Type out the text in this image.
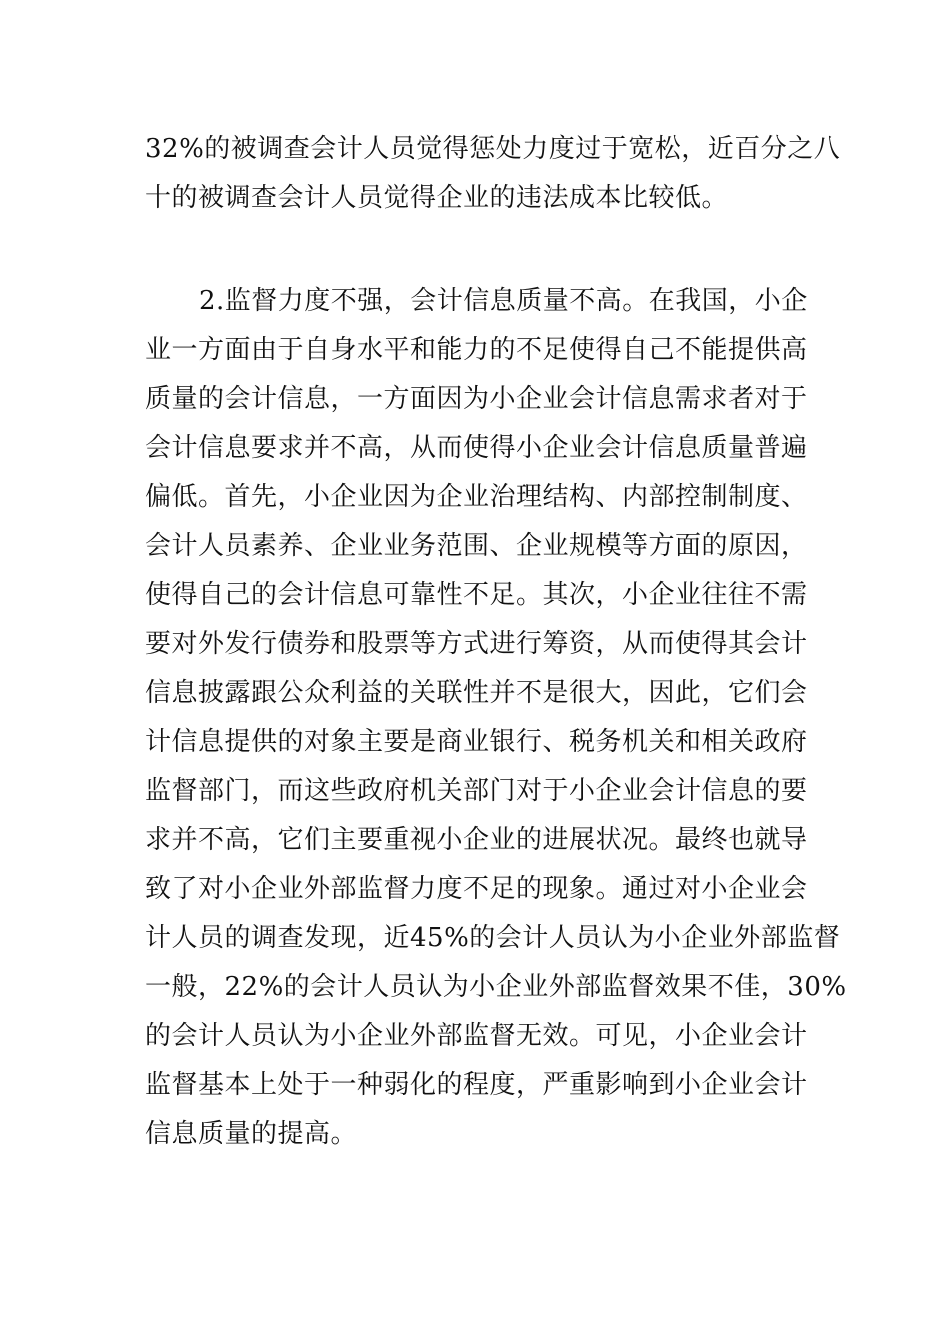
32%的被调查会计人员觉得惩处力度过于宽松，近百分之八
十的被调查会计人员觉得企业的违法成本比较低。
2.监督力度不强，会计信息质量不高。在我国，小企
业一方面由于自身水平和能力的不足使得自己不能提供高
质量的会计信息，一方面因为小企业会计信息需求者对于
会计信息要求并不高，从而使得小企业会计信息质量普遍
偏低。首先，小企业因为企业治理结构、内部控制制度、
会计人员素养、企业业务范围、企业规模等方面的原因，
使得自己的会计信息可靠性不足。其次，小企业往往不需
要对外发行债券和股票等方式进行筹资，从而使得其会计
信息披露跟公众利益的关联性并不是很大，因此，它们会
计信息提供的对象主要是商业银行、税务机关和相关政府
监督部门，而这些政府机关部门对于小企业会计信息的要
求并不高，它们主要重视小企业的进展状况。最终也就导
致了对小企业外部监督力度不足的现象。通过对小企业会
计人员的调查发现，近45%的会计人员认为小企业外部监督
一般，22%的会计人员认为小企业外部监督效果不佳，30%
的会计人员认为小企业外部监督无效。可见，小企业会计
监督基本上处于一种弱化的程度，严重影响到小企业会计
信息质量的提高。
